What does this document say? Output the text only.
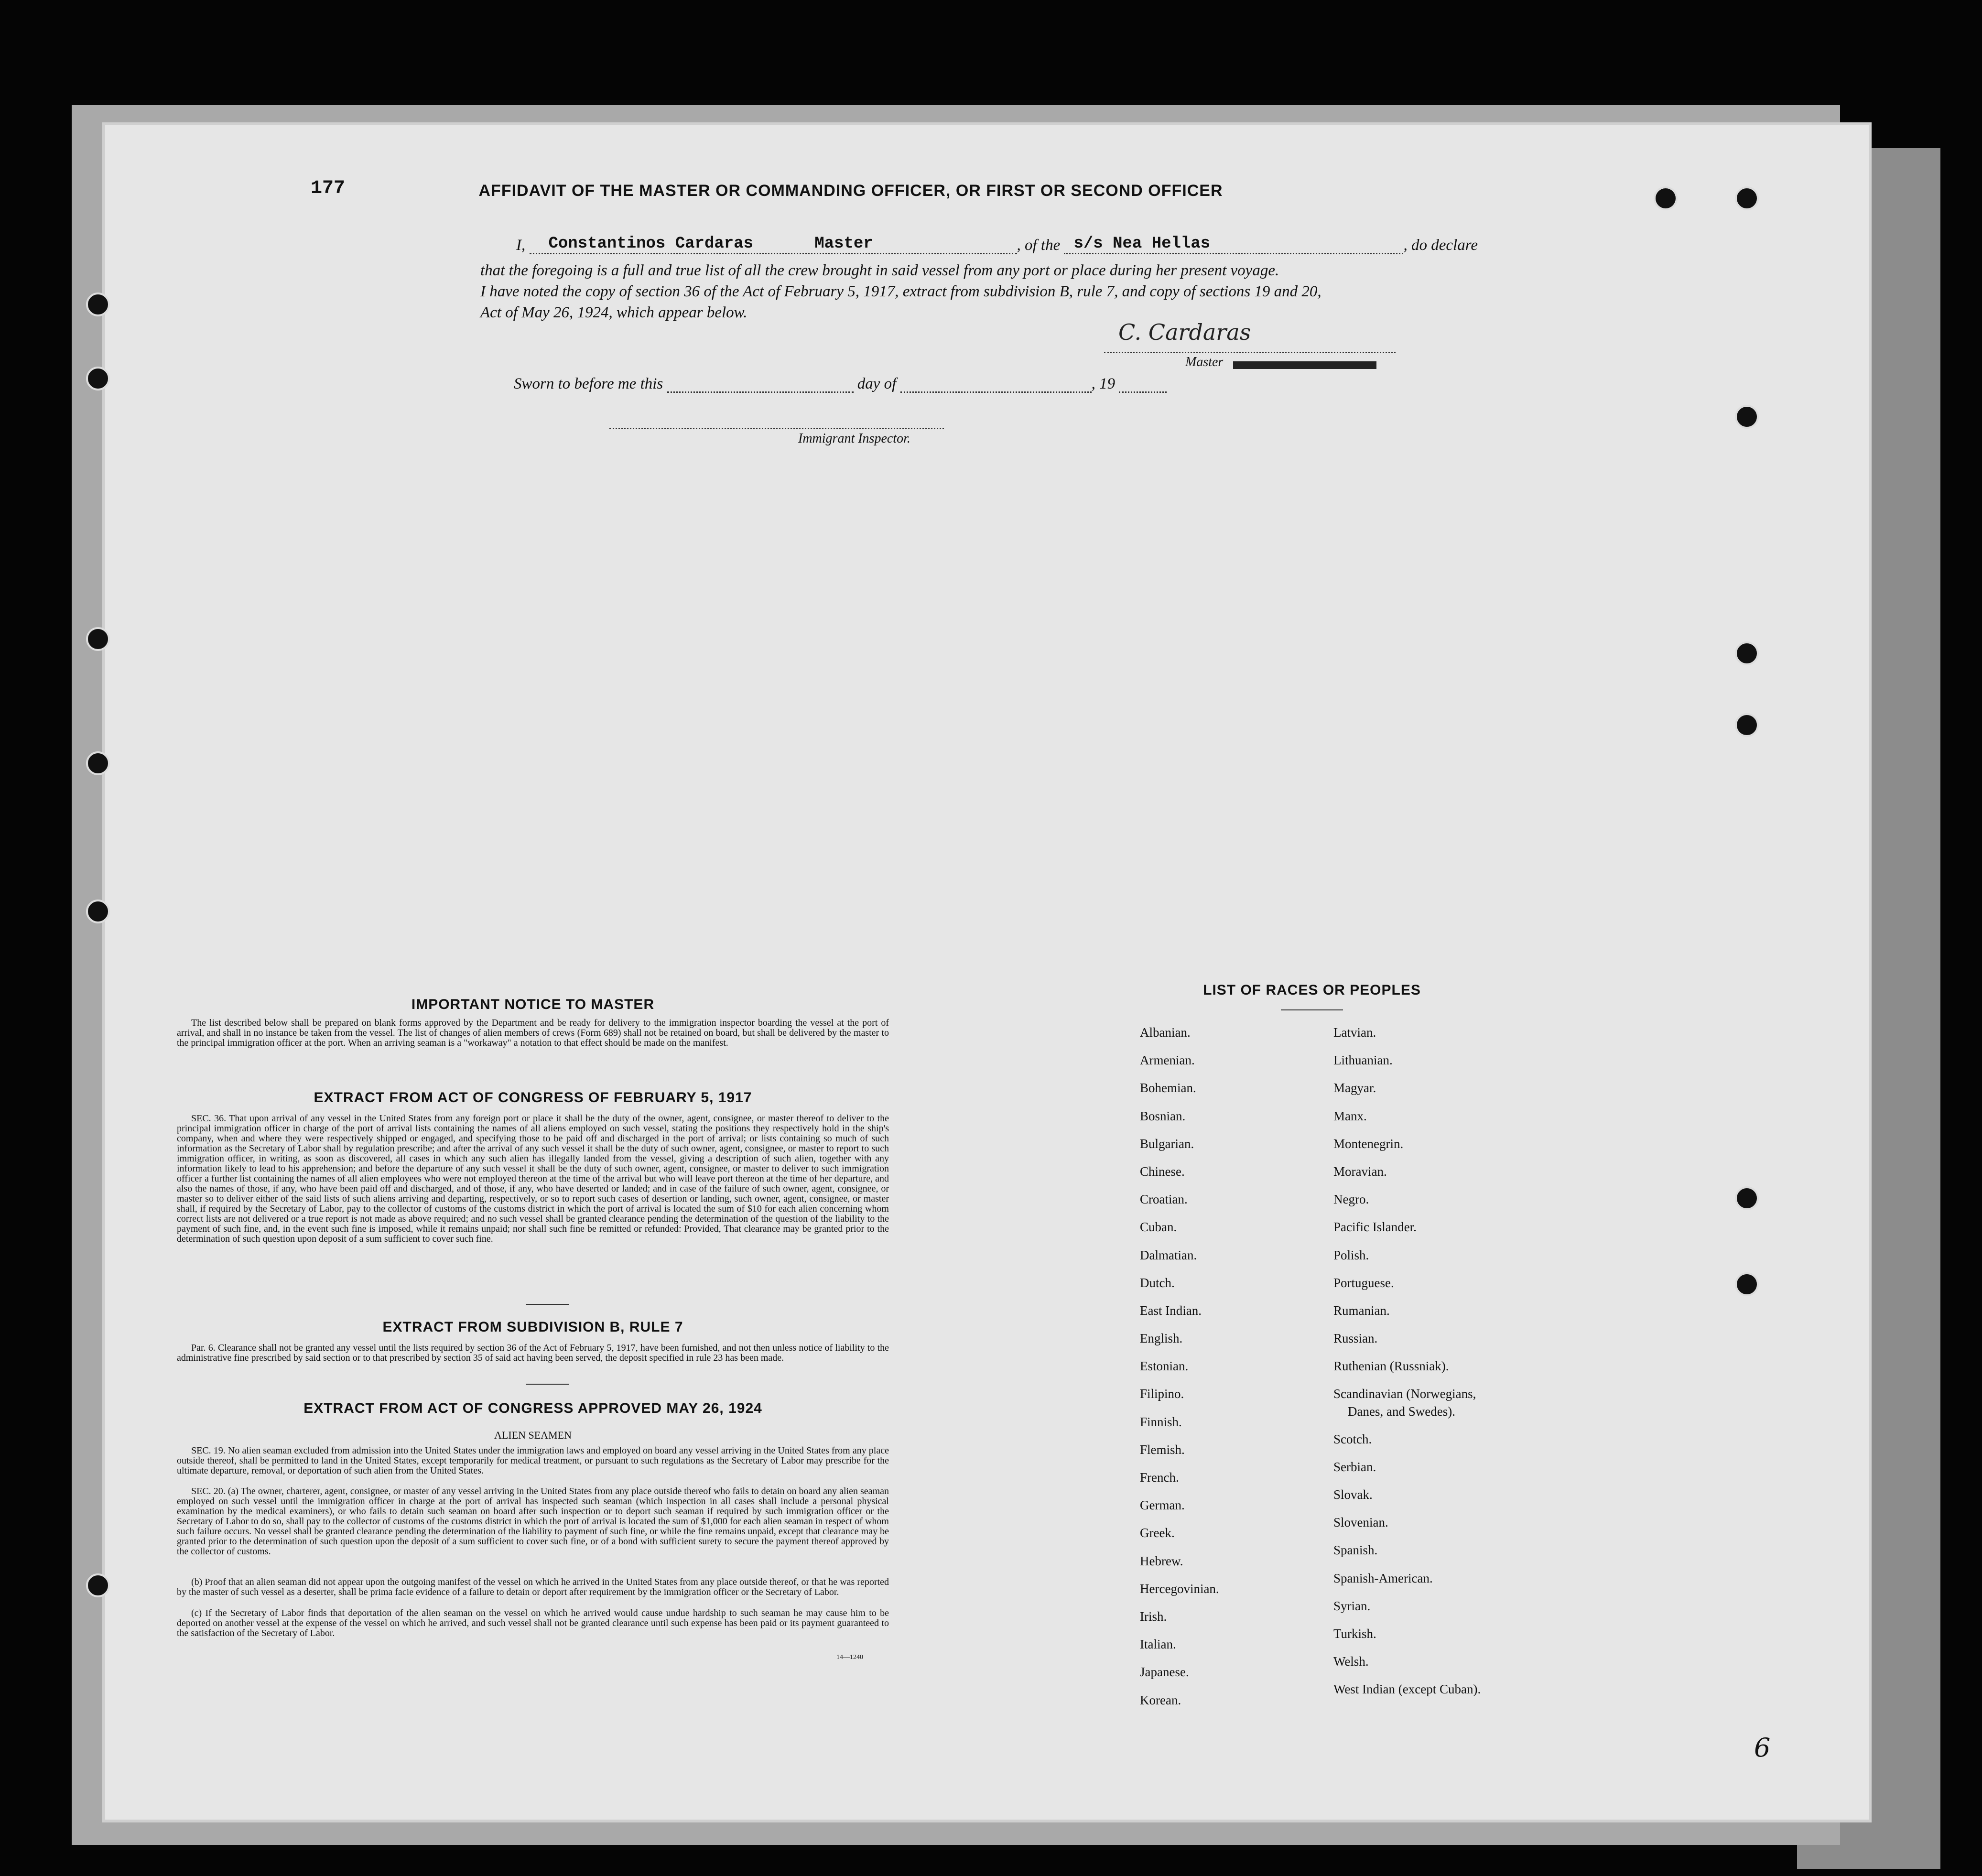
177	AFFIDAVIT OF THE MASTER OR COMMANDING OFFICER, OR FIRST OR SECOND OFFICER
I, Constantinos Cardaras	Master	, of the s/s Nea Hellas	, do declare
that the foregoing is a full and true list of all the crew brought in said vessel from any port or place during her present voyage.
I have noted the copy of section 36 of the Act of February 5, 1917, extract from subdivision B, rule 7, and copy of sections 19 and 20,
Act of May 26, 1924, which appear below.
C. Cardaras
Master
Sworn to before me this	day of	, 19
Immigrant Inspector.
IMPORTANT NOTICE TO MASTER
The list described below shall be prepared on blank forms approved by the Department and be ready for delivery to the immigration inspector boarding the vessel at the port of arrival, and shall in no instance be taken from the vessel. The list of changes of alien members of crews (Form 689) shall not be retained on board, but shall be delivered by the master to the principal immigration officer at the port. When an arriving seaman is a "workaway" a notation to that effect should be made on the manifest.
EXTRACT FROM ACT OF CONGRESS OF FEBRUARY 5, 1917
SEC. 36. That upon arrival of any vessel in the United States from any foreign port or place it shall be the duty of the owner, agent, consignee, or master thereof to deliver to the principal immigration officer in charge of the port of arrival lists containing the names of all aliens employed on such vessel, stating the positions they respectively hold in the ship's company, when and where they were respectively shipped or engaged, and specifying those to be paid off and discharged in the port of arrival; or lists containing so much of such information as the Secretary of Labor shall by regulation prescribe; and after the arrival of any such vessel it shall be the duty of such owner, agent, consignee, or master to report to such immigration officer, in writing, as soon as discovered, all cases in which any such alien has illegally landed from the vessel, giving a description of such alien, together with any information likely to lead to his apprehension; and before the departure of any such vessel it shall be the duty of such owner, agent, consignee, or master to deliver to such immigration officer a further list containing the names of all alien employees who were not employed thereon at the time of the arrival but who will leave port thereon at the time of her departure, and also the names of those, if any, who have been paid off and discharged, and of those, if any, who have deserted or landed; and in case of the failure of such owner, agent, consignee, or master so to deliver either of the said lists of such aliens arriving and departing, respectively, or so to report such cases of desertion or landing, such owner, agent, consignee, or master shall, if required by the Secretary of Labor, pay to the collector of customs of the customs district in which the port of arrival is located the sum of $10 for each alien concerning whom correct lists are not delivered or a true report is not made as above required; and no such vessel shall be granted clearance pending the determination of the question of the liability to the payment of such fine, and, in the event such fine is imposed, while it remains unpaid; nor shall such fine be remitted or refunded: Provided, That clearance may be granted prior to the determination of such question upon deposit of a sum sufficient to cover such fine.
EXTRACT FROM SUBDIVISION B, RULE 7
Par. 6. Clearance shall not be granted any vessel until the lists required by section 36 of the Act of February 5, 1917, have been furnished, and not then unless notice of liability to the administrative fine prescribed by said section or to that prescribed by section 35 of said act having been served, the deposit specified in rule 23 has been made.
EXTRACT FROM ACT OF CONGRESS APPROVED MAY 26, 1924
ALIEN SEAMEN
SEC. 19. No alien seaman excluded from admission into the United States under the immigration laws and employed on board any vessel arriving in the United States from any place outside thereof, shall be permitted to land in the United States, except temporarily for medical treatment, or pursuant to such regulations as the Secretary of Labor may prescribe for the ultimate departure, removal, or deportation of such alien from the United States.
SEC. 20. (a) The owner, charterer, agent, consignee, or master of any vessel arriving in the United States from any place outside thereof who fails to detain on board any alien seaman employed on such vessel until the immigration officer in charge at the port of arrival has inspected such seaman (which inspection in all cases shall include a personal physical examination by the medical examiners), or who fails to detain such seaman on board after such inspection or to deport such seaman if required by such immigration officer or the Secretary of Labor to do so, shall pay to the collector of customs of the customs district in which the port of arrival is located the sum of $1,000 for each alien seaman in respect of whom such failure occurs. No vessel shall be granted clearance pending the determination of the liability to payment of such fine, or while the fine remains unpaid, except that clearance may be granted prior to the determination of such question upon the deposit of a sum sufficient to cover such fine, or of a bond with sufficient surety to secure the payment thereof approved by the collector of customs.
(b) Proof that an alien seaman did not appear upon the outgoing manifest of the vessel on which he arrived in the United States from any place outside thereof, or that he was reported by the master of such vessel as a deserter, shall be prima facie evidence of a failure to detain or deport after requirement by the immigration officer or the Secretary of Labor.
(c) If the Secretary of Labor finds that deportation of the alien seaman on the vessel on which he arrived would cause undue hardship to such seaman he may cause him to be deported on another vessel at the expense of the vessel on which he arrived, and such vessel shall not be granted clearance until such expense has been paid or its payment guaranteed to the satisfaction of the Secretary of Labor.
14—1240
LIST OF RACES OR PEOPLES
Albanian.
Armenian.
Bohemian.
Bosnian.
Bulgarian.
Chinese.
Croatian.
Cuban.
Dalmatian.
Dutch.
East Indian.
English.
Estonian.
Filipino.
Finnish.
Flemish.
French.
German.
Greek.
Hebrew.
Hercegovinian.
Irish.
Italian.
Japanese.
Korean.
Latvian.
Lithuanian.
Magyar.
Manx.
Montenegrin.
Moravian.
Negro.
Pacific Islander.
Polish.
Portuguese.
Rumanian.
Russian.
Ruthenian (Russniak).
Scandinavian (Norwegians,
Danes, and Swedes).
Scotch.
Serbian.
Slovak.
Slovenian.
Spanish.
Spanish-American.
Syrian.
Turkish.
Welsh.
West Indian (except Cuban).
6
